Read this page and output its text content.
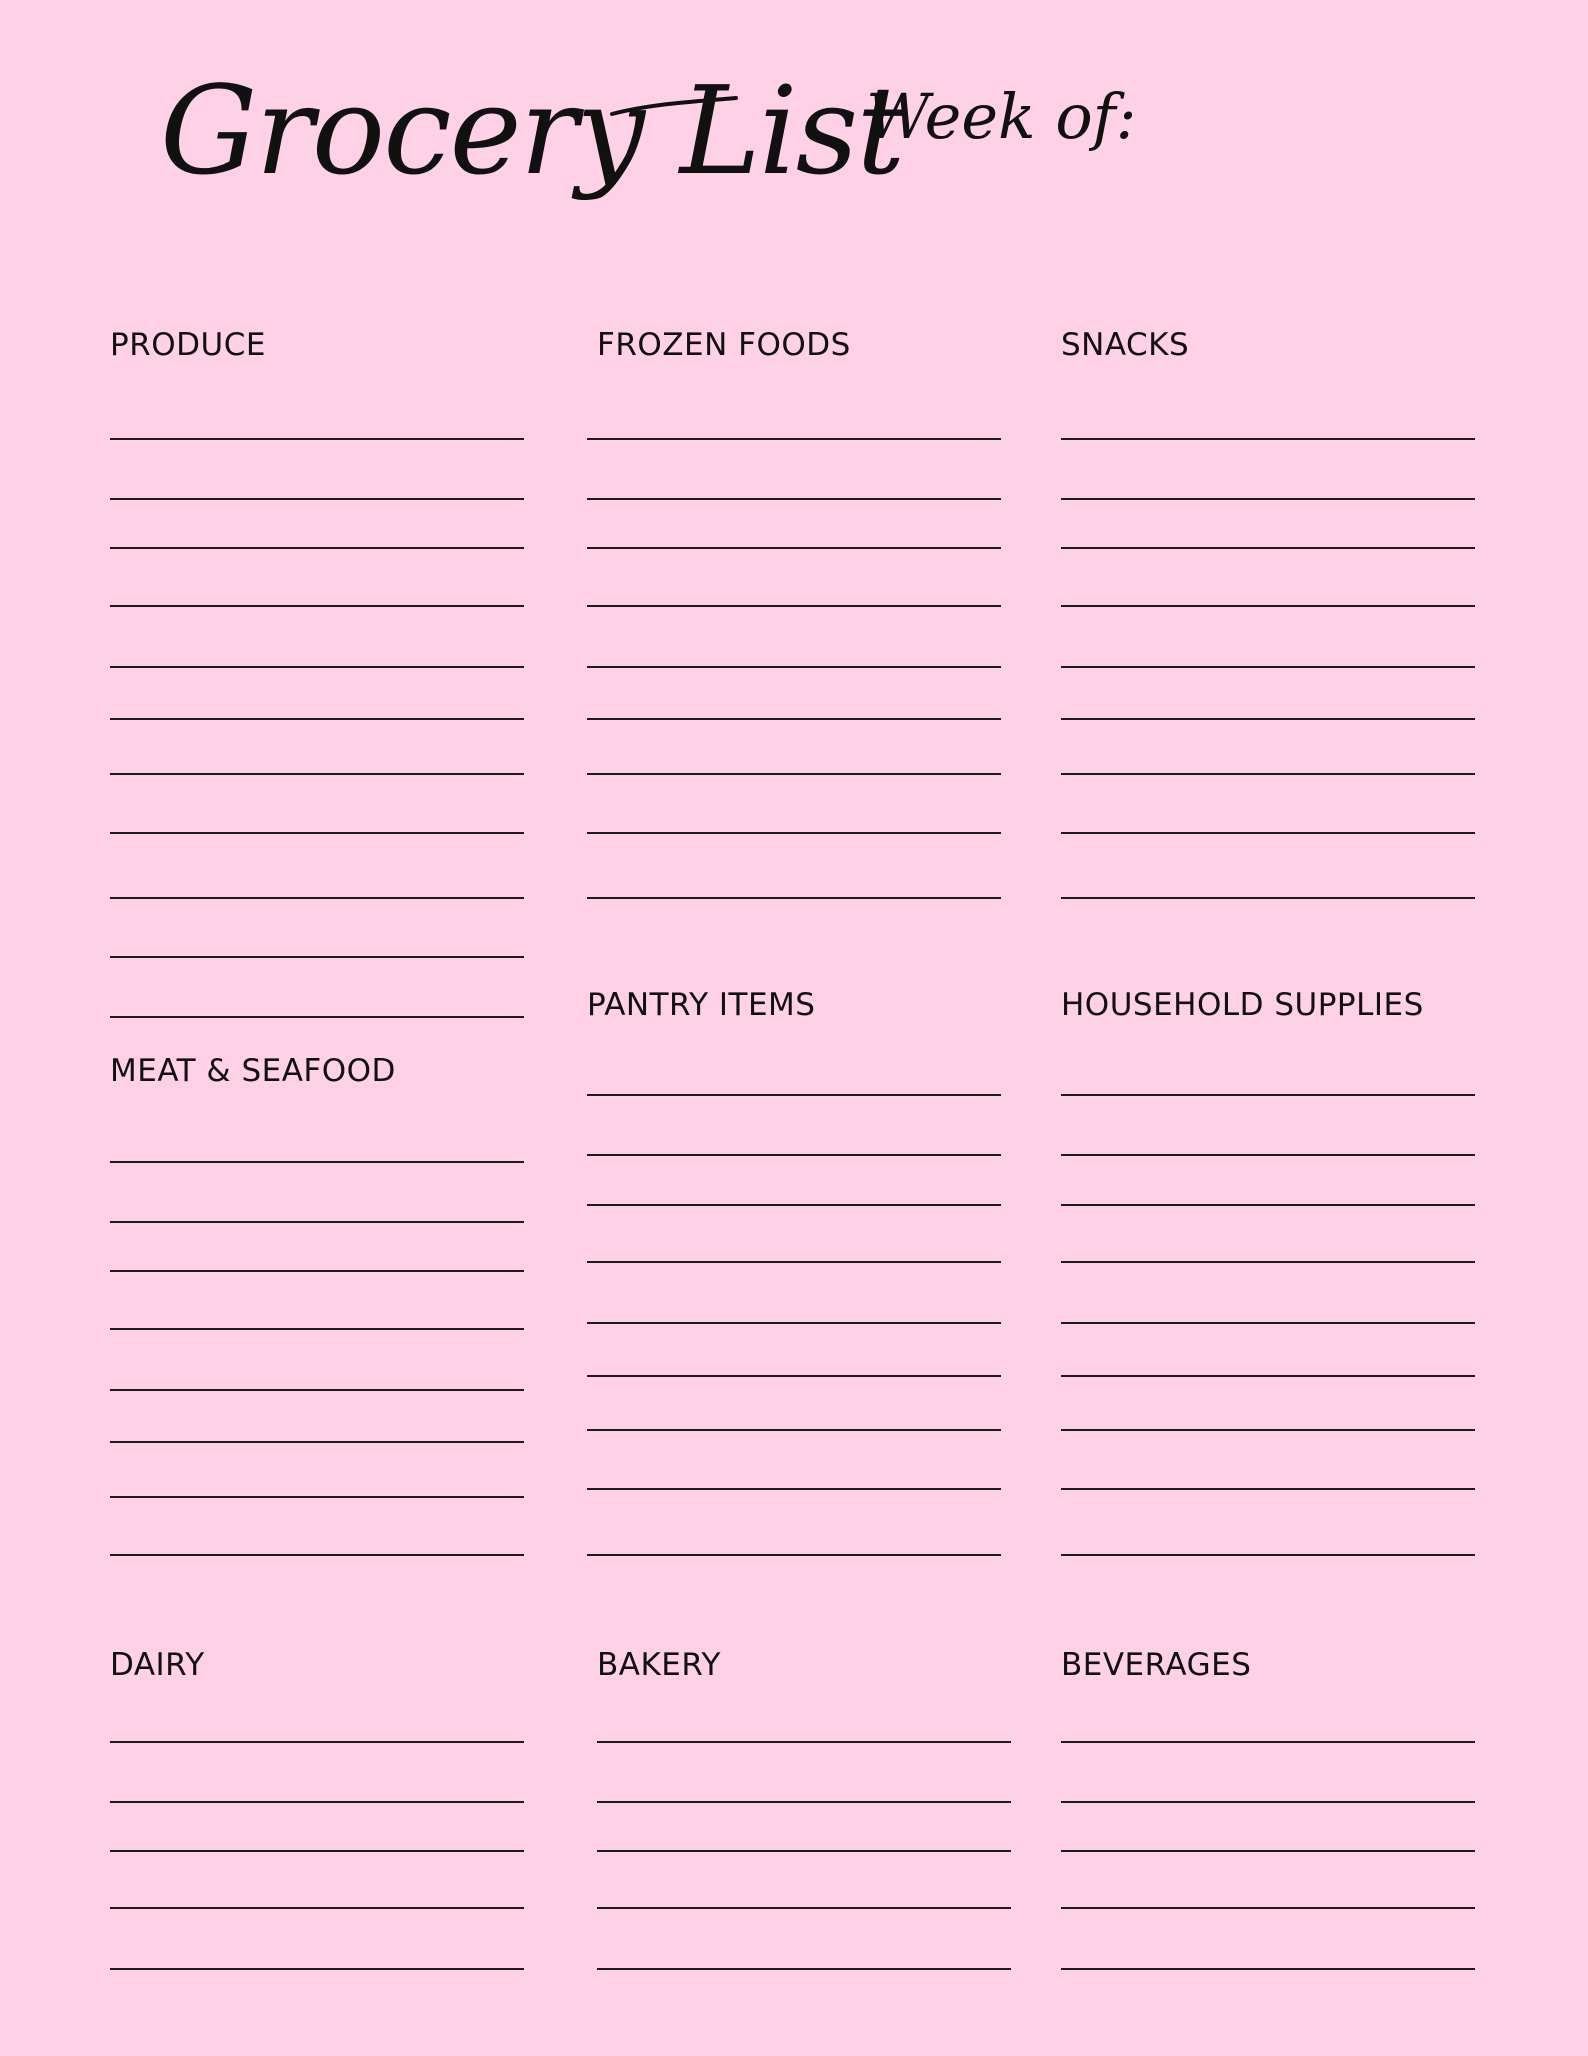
Grocery List
Week of:
PRODUCE	FROZEN FOODS	SNACKS
MEAT & SEAFOOD
PANTRY ITEMS	HOUSEHOLD SUPPLIES
DAIRY	BAKERY	BEVERAGES
